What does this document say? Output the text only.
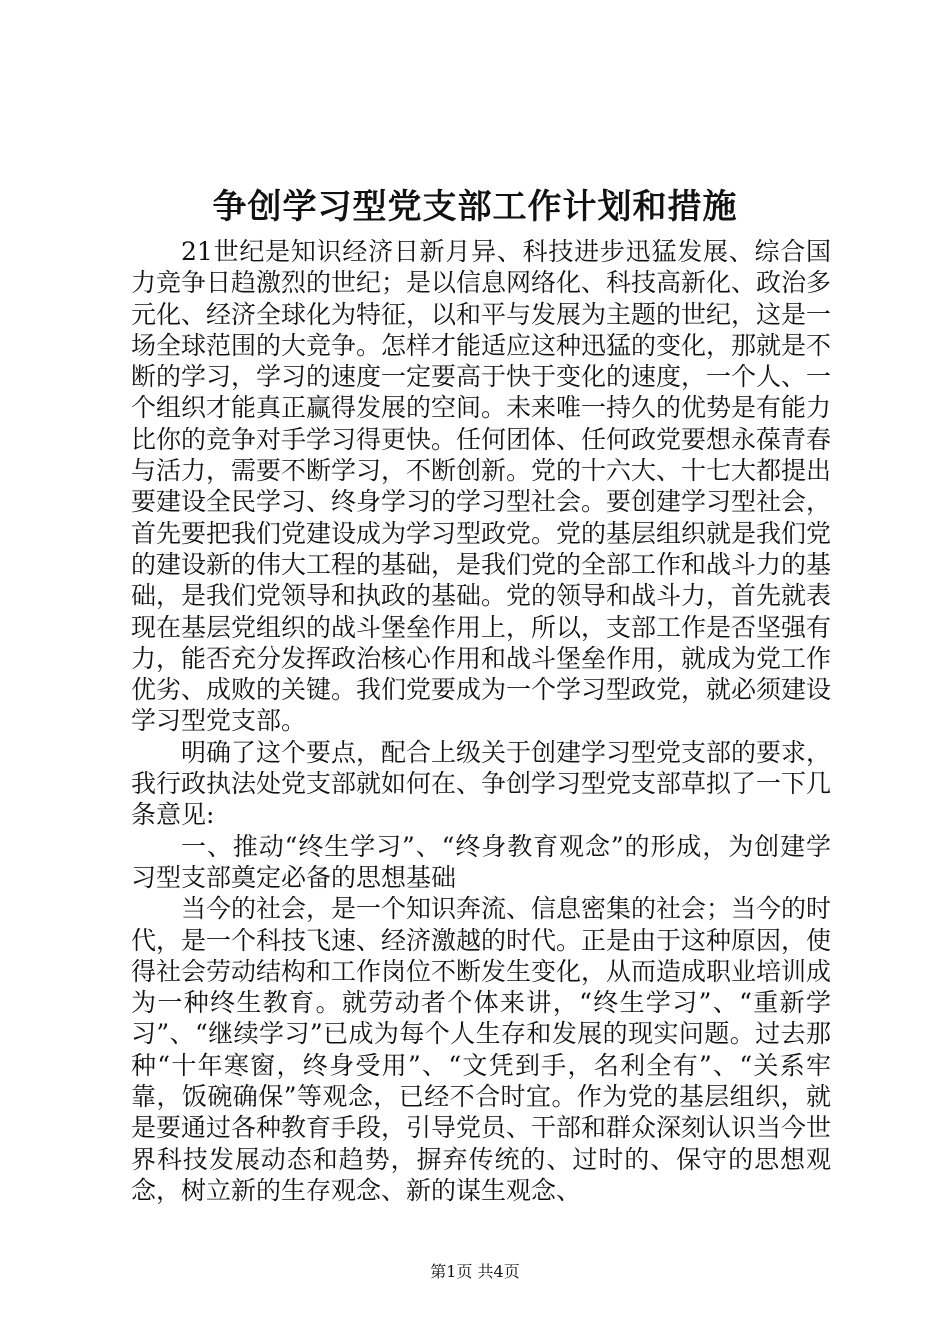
争创学习型党支部工作计划和措施

21世纪是知识经济日新月异、科技进步迅猛发展、综合国力竞争日趋激烈的世纪；是以信息网络化、科技高新化、政治多元化、经济全球化为特征，以和平与发展为主题的世纪，这是一场全球范围的大竞争。怎样才能适应这种迅猛的变化，那就是不断的学习，学习的速度一定要高于快于变化的速度，一个人、一个组织才能真正赢得发展的空间。未来唯一持久的优势是有能力比你的竞争对手学习得更快。任何团体、任何政党要想永葆青春与活力，需要不断学习，不断创新。党的十六大、十七大都提出要建设全民学习、终身学习的学习型社会。要创建学习型社会，首先要把我们党建设成为学习型政党。党的基层组织就是我们党的建设新的伟大工程的基础，是我们党的全部工作和战斗力的基础，是我们党领导和执政的基础。党的领导和战斗力，首先就表现在基层党组织的战斗堡垒作用上，所以，支部工作是否坚强有力，能否充分发挥政治核心作用和战斗堡垒作用，就成为党工作优劣、成败的关键。我们党要成为一个学习型政党，就必须建设学习型党支部。

明确了这个要点，配合上级关于创建学习型党支部的要求，我行政执法处党支部就如何在、争创学习型党支部草拟了一下几条意见:

一、推动“终生学习”、“终身教育观念”的形成，为创建学习型支部奠定必备的思想基础

当今的社会，是一个知识奔流、信息密集的社会；当今的时代，是一个科技飞速、经济激越的时代。正是由于这种原因，使得社会劳动结构和工作岗位不断发生变化，从而造成职业培训成为一种终生教育。就劳动者个体来讲，“终生学习”、“重新学习”、“继续学习”已成为每个人生存和发展的现实问题。过去那种“十年寒窗，终身受用”、“文凭到手，名利全有”、“关系牢靠，饭碗确保”等观念，已经不合时宜。作为党的基层组织，就是要通过各种教育手段，引导党员、干部和群众深刻认识当今世界科技发展动态和趋势，摒弃传统的、过时的、保守的思想观念，树立新的生存观念、新的谋生观念、

第1页 共4页
